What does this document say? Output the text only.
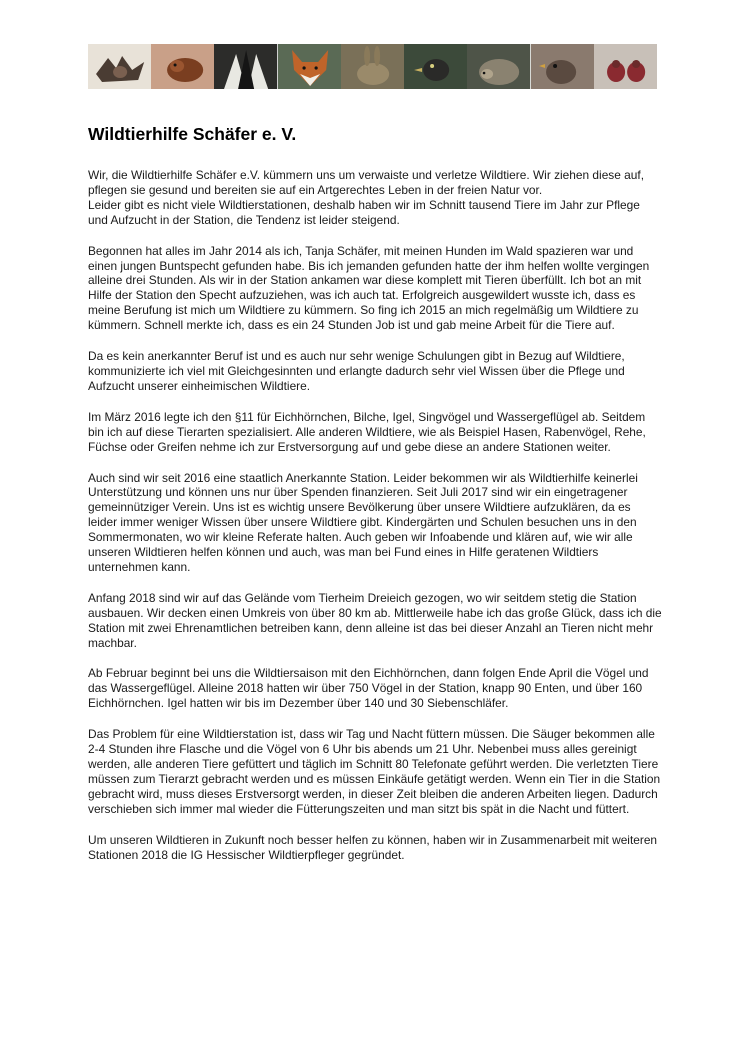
Wildtierhilfe Schäfer e. V.

Wir, die Wildtierhilfe Schäfer e.V. kümmern uns um verwaiste und verletze Wildtiere. Wir ziehen diese auf, pflegen sie gesund und bereiten sie auf ein Artgerechtes Leben in der freien Natur vor.
Leider gibt es nicht viele Wildtierstationen, deshalb haben wir im Schnitt tausend Tiere im Jahr zur Pflege und Aufzucht in der Station, die Tendenz ist leider steigend.

Begonnen hat alles im Jahr 2014 als ich, Tanja Schäfer, mit meinen Hunden im Wald spazieren war und einen jungen Buntspecht gefunden habe. Bis ich jemanden gefunden hatte der ihm helfen wollte vergingen alleine drei Stunden. Als wir in der Station ankamen war diese komplett mit Tieren überfüllt. Ich bot an mit Hilfe der Station den Specht aufzuziehen, was ich auch tat. Erfolgreich ausgewildert wusste ich, dass es meine Berufung ist mich um Wildtiere zu kümmern. So fing ich 2015 an mich regelmäßig um Wildtiere zu kümmern. Schnell merkte ich, dass es ein 24 Stunden Job ist und gab meine Arbeit für die Tiere auf.

Da es kein anerkannter Beruf ist und es auch nur sehr wenige Schulungen gibt in Bezug auf Wildtiere, kommunizierte ich viel mit Gleichgesinnten und erlangte dadurch sehr viel Wissen über die Pflege und Aufzucht unserer einheimischen Wildtiere.

Im März 2016 legte ich den §11 für Eichhörnchen, Bilche, Igel, Singvögel und Wassergeflügel ab. Seitdem bin ich auf diese Tierarten spezialisiert. Alle anderen Wildtiere, wie als Beispiel Hasen, Rabenvögel, Rehe, Füchse oder Greifen nehme ich zur Erstversorgung auf und gebe diese an andere Stationen weiter.

Auch sind wir seit 2016 eine staatlich Anerkannte Station. Leider bekommen wir als Wildtierhilfe keinerlei Unterstützung und können uns nur über Spenden finanzieren. Seit Juli 2017 sind wir ein eingetragener gemeinnütziger Verein. Uns ist es wichtig unsere Bevölkerung über unsere Wildtiere aufzuklären, da es leider immer weniger Wissen über unsere Wildtiere gibt. Kindergärten und Schulen besuchen uns in den Sommermonaten, wo wir kleine Referate halten. Auch geben wir Infoabende und klären auf, wie wir alle unseren Wildtieren helfen können und auch, was man bei Fund eines in Hilfe geratenen Wildtiers unternehmen kann.

Anfang 2018 sind wir auf das Gelände vom Tierheim Dreieich gezogen, wo wir seitdem stetig die Station ausbauen. Wir decken einen Umkreis von über 80 km ab. Mittlerweile habe ich das große Glück, dass ich die Station mit zwei Ehrenamtlichen betreiben kann, denn alleine ist das bei dieser Anzahl an Tieren nicht mehr machbar.

Ab Februar beginnt bei uns die Wildtiersaison mit den Eichhörnchen, dann folgen Ende April die Vögel und das Wassergeflügel. Alleine 2018 hatten wir über 750 Vögel in der Station, knapp 90 Enten, und über 160 Eichhörnchen. Igel hatten wir bis im Dezember über 140 und 30 Siebenschläfer.

Das Problem für eine Wildtierstation ist, dass wir Tag und Nacht füttern müssen. Die Säuger bekommen alle 2-4 Stunden ihre Flasche und die Vögel von 6 Uhr bis abends um 21 Uhr. Nebenbei muss alles gereinigt werden, alle anderen Tiere gefüttert und täglich im Schnitt 80 Telefonate geführt werden. Die verletzten Tiere müssen zum Tierarzt gebracht werden und es müssen Einkäufe getätigt werden. Wenn ein Tier in die Station gebracht wird, muss dieses Erstversorgt werden, in dieser Zeit bleiben die anderen Arbeiten liegen. Dadurch verschieben sich immer mal wieder die Fütterungszeiten und man sitzt bis spät in die Nacht und füttert.

Um unseren Wildtieren in Zukunft noch besser helfen zu können, haben wir in Zusammenarbeit mit weiteren Stationen 2018 die IG Hessischer Wildtierpfleger gegründet.
